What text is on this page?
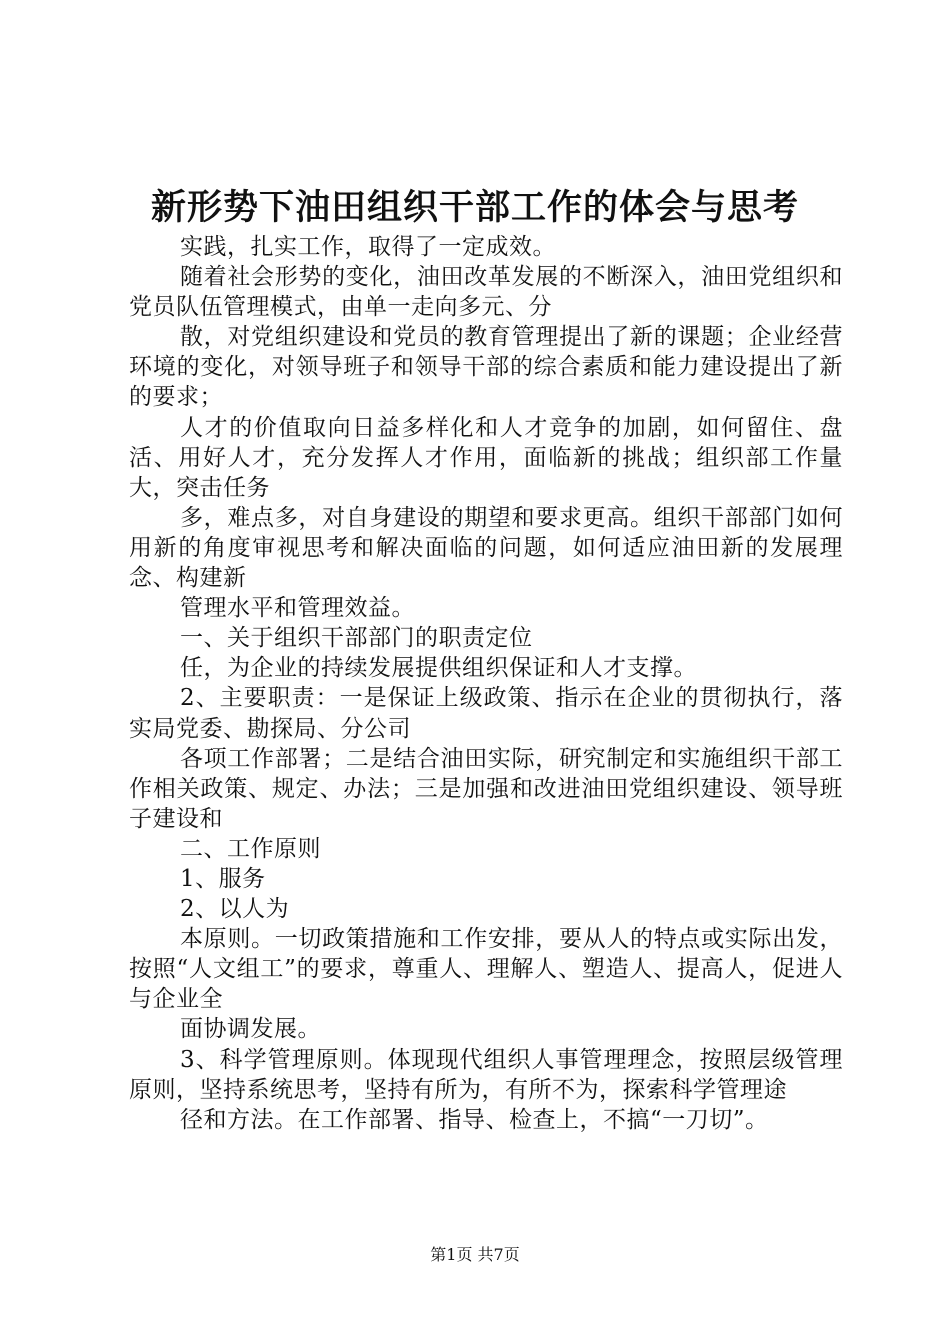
新形势下油田组织干部工作的体会与思考

实践，扎实工作，取得了一定成效。

随着社会形势的变化，油田改革发展的不断深入，油田党组织和党员队伍管理模式，由单一走向多元、分

散，对党组织建设和党员的教育管理提出了新的课题；企业经营环境的变化，对领导班子和领导干部的综合素质和能力建设提出了新的要求；

人才的价值取向日益多样化和人才竞争的加剧，如何留住、盘活、用好人才，充分发挥人才作用，面临新的挑战；组织部工作量大，突击任务

多，难点多，对自身建设的期望和要求更高。组织干部部门如何用新的角度审视思考和解决面临的问题，如何适应油田新的发展理念、构建新

管理水平和管理效益。

一、关于组织干部部门的职责定位

任，为企业的持续发展提供组织保证和人才支撑。

2、主要职责：一是保证上级政策、指示在企业的贯彻执行，落实局党委、勘探局、分公司

各项工作部署；二是结合油田实际，研究制定和实施组织干部工作相关政策、规定、办法；三是加强和改进油田党组织建设、领导班子建设和

二、工作原则

1、服务

2、以人为

本原则。一切政策措施和工作安排，要从人的特点或实际出发，按照“人文组工”的要求，尊重人、理解人、塑造人、提高人，促进人与企业全

面协调发展。

3、科学管理原则。体现现代组织人事管理理念，按照层级管理原则，坚持系统思考，坚持有所为，有所不为，探索科学管理途

径和方法。在工作部署、指导、检查上，不搞“一刀切”。

第1页 共7页
